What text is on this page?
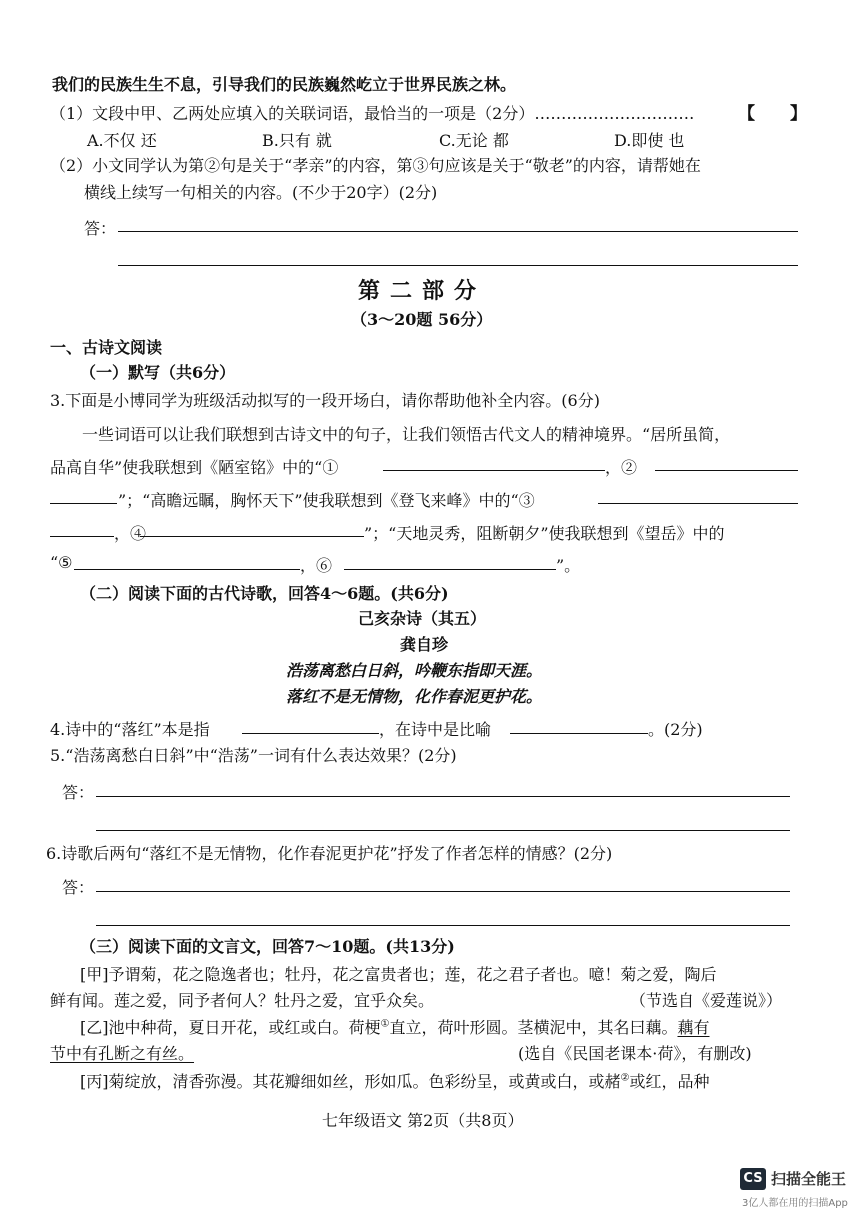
我们的民族生生不息，引导我们的民族巍然屹立于世界民族之林。
（1）文段中甲、乙两处应填入的关联词语，最恰当的一项是（2分）…………………………	【 】
A.不仅 还	B.只有 就	C.无论 都	D.即使 也
（2）小文同学认为第②句是关于“孝亲”的内容，第③句应该是关于“敬老”的内容，请帮她在
横线上续写一句相关的内容。(不少于20字）(2分)
答：
第二部分
（3～20题 56分）
一、古诗文阅读
（一）默写（共6分）
3.下面是小博同学为班级活动拟写的一段开场白，请你帮助他补全内容。(6分)
一些词语可以让我们联想到古诗文中的句子，让我们领悟古代文人的精神境界。“居所虽简，
品高自华”使我联想到《陋室铭》中的“①	，②
”；“高瞻远瞩，胸怀天下”使我联想到《登飞来峰》中的“③
，④	”；“天地灵秀，阻断朝夕”使我联想到《望岳》中的
“⑤	，⑥	”。
（二）阅读下面的古代诗歌，回答4～6题。(共6分)
己亥杂诗（其五）
龚自珍
浩荡离愁白日斜，吟鞭东指即天涯。
落红不是无情物，化作春泥更护花。
4.诗中的“落红”本是指	，在诗中是比喻	。(2分)
5.“浩荡离愁白日斜”中“浩荡”一词有什么表达效果？(2分)
答：
6.诗歌后两句“落红不是无情物，化作春泥更护花”抒发了作者怎样的情感？(2分)
答：
（三）阅读下面的文言文，回答7～10题。(共13分)
[甲]予谓菊，花之隐逸者也；牡丹，花之富贵者也；莲，花之君子者也。噫！菊之爱，陶后
鲜有闻。莲之爱，同予者何人？牡丹之爱，宜乎众矣。	（节选自《爱莲说》）
[乙]池中种荷，夏日开花，或红或白。荷梗①直立，荷叶形圆。茎横泥中，其名曰藕。藕有
节中有孔断之有丝。	(选自《民国老课本·荷》，有删改)
[丙]菊绽放，清香弥漫。其花瓣细如丝，形如瓜。色彩纷呈，或黄或白，或赭②或红，品种
七年级语文 第2页（共8页）
CS 扫描全能王
3亿人都在用的扫描App
